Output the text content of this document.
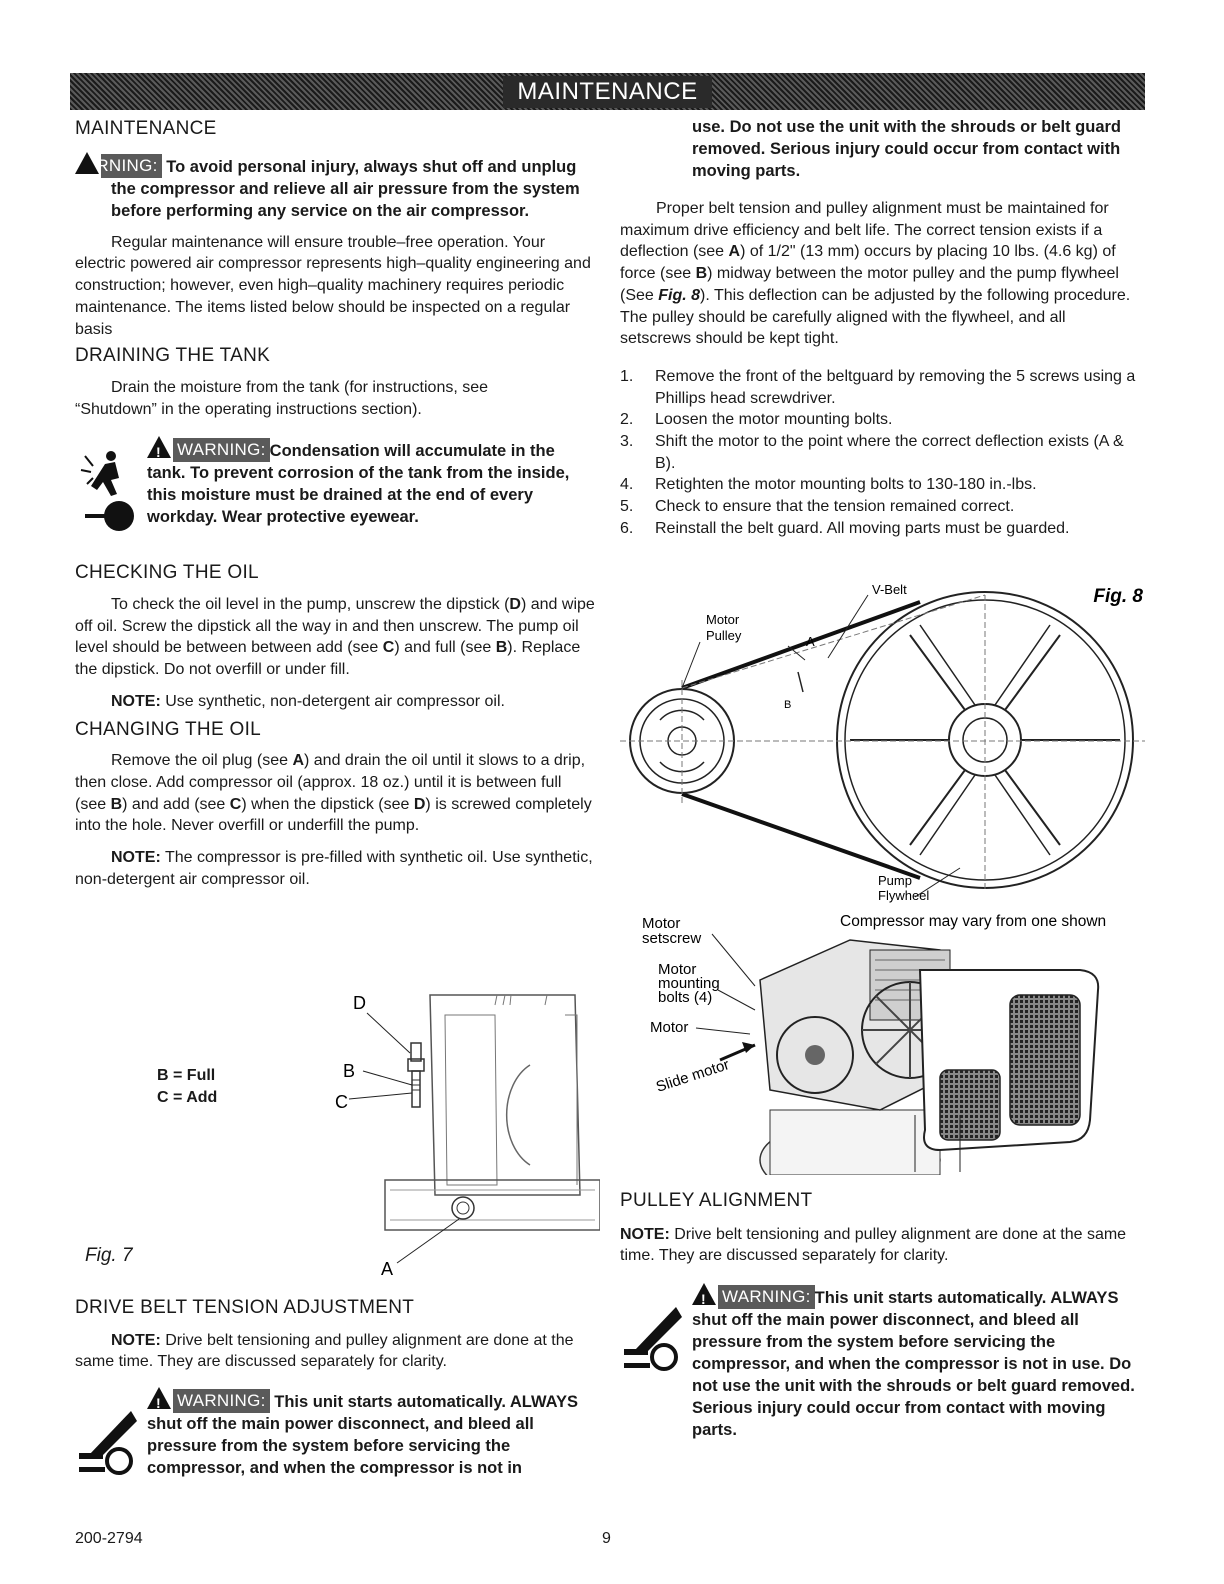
MAINTENANCE
MAINTENANCE
!WARNING: To avoid personal injury, always shut off and unplug the compressor and relieve all air pressure from the system before performing any service on the air compressor.

Regular maintenance will ensure trouble–free operation. Your electric powered air compressor represents high–quality engineering and construction; however, even high–quality machinery requires periodic maintenance. The items listed below should be inspected on a regular basis

DRAINING THE TANK

Drain the moisture from the tank (for instructions, see “Shutdown” in the operating instructions section).

!WARNING: Condensation will accumulate in the tank. To prevent corrosion of the tank from the inside, this moisture must be drained at the end of every workday. Wear protective eyewear.
CHECKING THE OIL

To check the oil level in the pump, unscrew the dipstick (D) and wipe off oil. Screw the dipstick all the way in and then unscrew. The pump oil level should be between between add (see C) and full (see B). Replace the dipstick. Do not overfill or under fill.

NOTE: Use synthetic, non-detergent air compressor oil.

CHANGING THE OIL

Remove the oil plug (see A) and drain the oil until it slows to a drip, then close. Add compressor oil (approx. 18 oz.) until it is between full (see B) and add (see C) when the dipstick (see D) is screwed completely into the hole. Never overfill or underfill the pump.

NOTE: The compressor is pre-filled with synthetic oil. Use synthetic, non-detergent air compressor oil.

B = Full
C = Add
D
B
C
A
Fig. 7
DRIVE BELT TENSION ADJUSTMENT

NOTE: Drive belt tensioning and pulley alignment are done at the same time. They are discussed separately for clarity.

!WARNING: This unit starts automatically. ALWAYS shut off the main power disconnect, and bleed all pressure from the system before servicing the compressor, and when the compressor is not in

use. Do not use the unit with the shrouds or belt guard removed. Serious injury could occur from contact with moving parts.

Proper belt tension and pulley alignment must be maintained for maximum drive efficiency and belt life. The correct tension exists if a deflection (see A) of 1/2" (13 mm) occurs by placing 10 lbs. (4.6 kg) of force (see B) midway between the motor pulley and the pump flywheel (See Fig. 8). This deflection can be adjusted by the following procedure. The pulley should be carefully aligned with the flywheel, and all setscrews should be kept tight.

1. Remove the front of the beltguard by removing the 5 screws using a Phillips head screwdriver.
2. Loosen the motor mounting bolts.
3. Shift the motor to the point where the correct deflection exists (A & B).
4. Retighten the motor mounting bolts to 130-180 in.-lbs.
5. Check to ensure that the tension remained correct.
6. Reinstall the belt guard. All moving parts must be guarded.
Motor
Pulley
V-Belt
A
B
Pump
Flywheel
Fig. 8
Motor
setscrew
Motor
mounting
bolts (4)
Motor
Slide motor
Compressor may vary from one shown
PULLEY ALIGNMENT

NOTE: Drive belt tensioning and pulley alignment are done at the same time. They are discussed separately for clarity.

!WARNING: This unit starts automatically. ALWAYS shut off the main power disconnect, and bleed all pressure from the system before servicing the compressor, and when the compressor is not in use. Do not use the unit with the shrouds or belt guard removed. Serious injury could occur from contact with moving parts.
200-2794	9
